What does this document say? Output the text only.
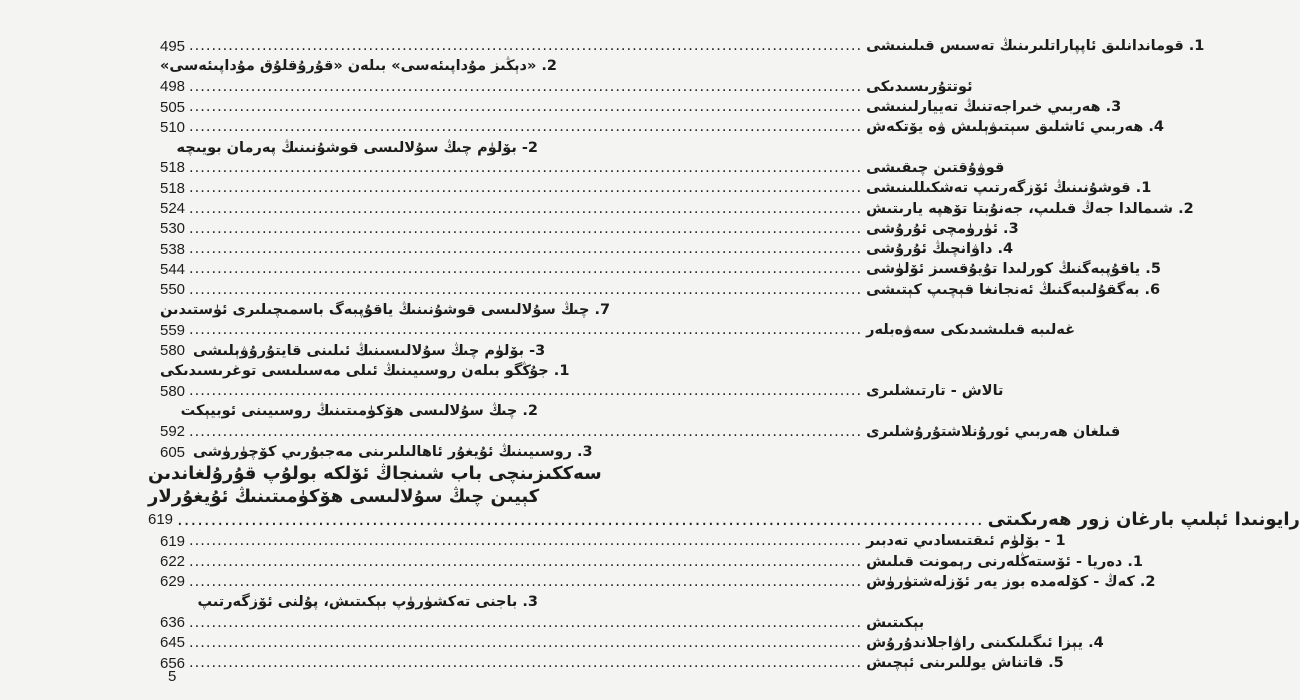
495 ........................................................................................................................ 1. قوماندانلىق ئاپپاراتلىرىنىڭ تەسىس قىلىنىشى
2. «دېڭىز مۇداپىئەسى» بىلەن «قۇرۇقلۇق مۇداپىئەسى»
498 ........................................................................................................................ ئوتتۇرىسىدىكى
505 ........................................................................................................................ 3. ھەربىي خىراجەتنىڭ تەييارلىنىشى
510 ........................................................................................................................ 4. ھەربىي ئاشلىق سېتىۋېلىش ۋە يۆتكەش
2- بۆلۈم چىڭ سۇلالىسى قوشۇنىنىڭ پەرمان بويىچە
518 ........................................................................................................................ قوۋۇقتىن چىقىشى
518 ........................................................................................................................ 1. قوشۇنىنىڭ ئۆزگەرتىپ تەشكىللىنىشى
524 ........................................................................................................................ 2. شىمالدا جەڭ قىلىپ، جەنۇبتا تۆھپە يارىتىش
530 ........................................................................................................................ 3. ئۈرۈمچى ئۇرۇشى
538 ........................................................................................................................ 4. داۋانچىڭ ئۇرۇشى
544 ........................................................................................................................ 5. ياقۇپبەگنىڭ كورلىدا تۇيۇقسىز ئۆلۈشى
550 ........................................................................................................................ 6. بەگقۇلىبەگنىڭ ئەنجانغا قېچىپ كېتىشى
7. چىڭ سۇلالىسى قوشۇنىنىڭ ياقۇپبەگ باسمىچىلىرى ئۈستىدىن
559 ........................................................................................................................ غەلىبە قىلىشىدىكى سەۋەبلەر
580 3- بۆلۈم چىڭ سۇلالىسىنىڭ ئىلىنى قايتۇرۇۋېلىشى
1. جۇڭگو بىلەن روسىيىنىڭ ئىلى مەسىلىسى توغرىسىدىكى
580 ........................................................................................................................ تالاش - تارتىشلىرى
2. چىڭ سۇلالىسى ھۆكۈمىتىنىڭ روسىيىنى ئوبيېكت
592 ........................................................................................................................ قىلغان ھەربىي ئورۇنلاشتۇرۇشلىرى
605 3. روسىيىنىڭ ئۇيغۇر ئاھالىلىرىنى مەجبۇرىي كۆچۈرۈشى
سەككىزىنچى باب شىنجاڭ ئۆلكە بولۇپ قۇرۇلغاندىن
كېيىن چىڭ سۇلالىسى ھۆكۈمىتىنىڭ ئۇيغۇرلار
619 ........................................................................................................................ رايونىدا ئېلىپ بارغان زور ھەرىكىتى
619 ........................................................................................................................ 1 - بۆلۈم ئىقتىسادىي تەدبىر
622 ........................................................................................................................ 1. دەريا - ئۆستەڭلەرنى رېمونت قىلىش
629 ........................................................................................................................ 2. كەڭ - كۆلەمدە بوز يەر ئۆزلەشتۈرۈش
3. باجنى تەكشۈرۈپ بېكىتىش، پۇلنى ئۆزگەرتىپ
636 ........................................................................................................................ بېكىتىش
645 ........................................................................................................................ 4. يېزا ئىگىلىكىنى راۋاجلاندۇرۇش
656 ........................................................................................................................ 5. قاتناش يوللىرىنى ئېچىش
5
